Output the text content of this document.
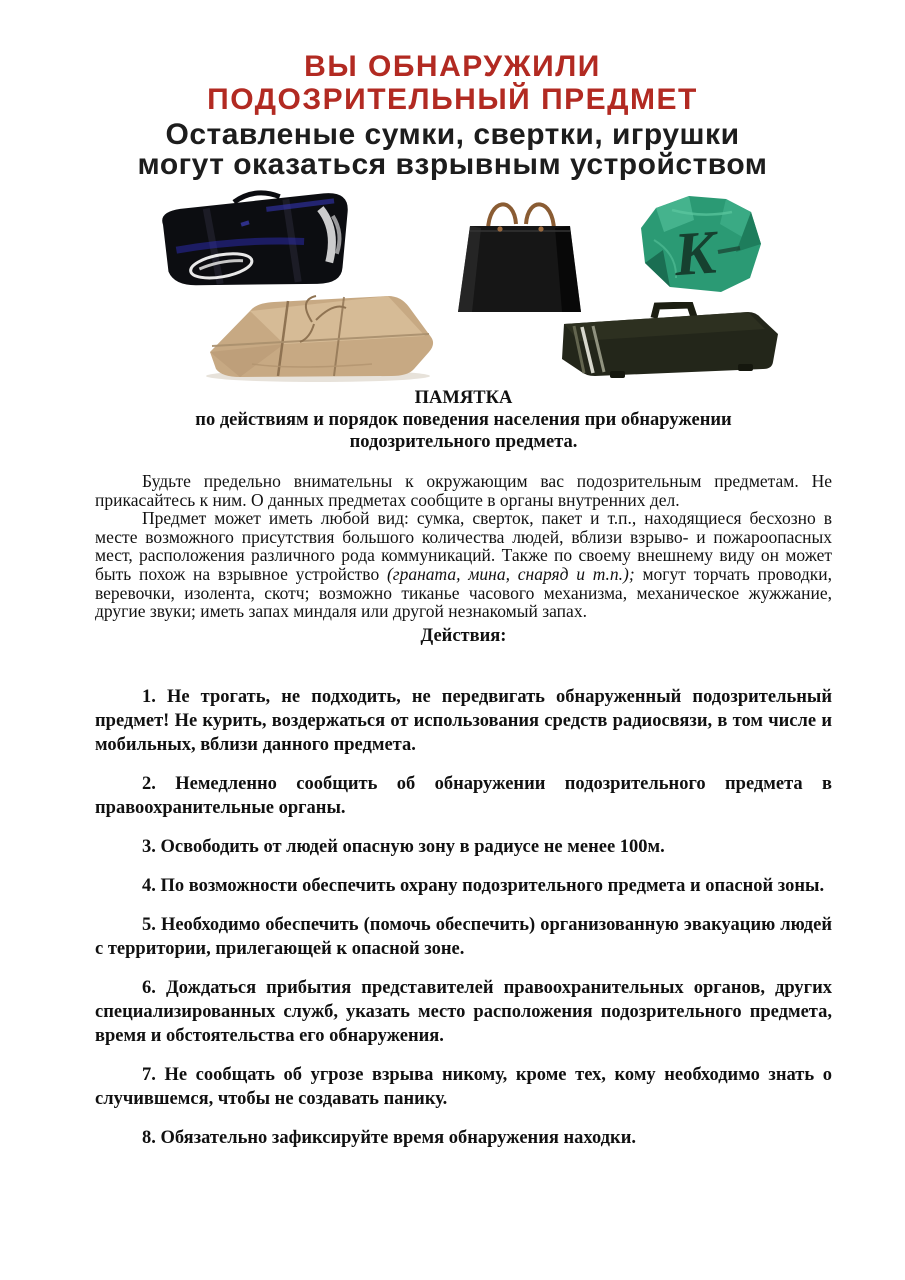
ВЫ ОБНАРУЖИЛИ
ПОДОЗРИТЕЛЬНЫЙ ПРЕДМЕТ
Оставленые сумки, свертки, игрушки
могут оказаться взрывным устройством
K
ПАМЯТКА
по действиям и порядок поведения населения при обнаружении
подозрительного предмета.

Будьте предельно внимательны к окружающим вас подозрительным предметам. Не прикасайтесь к ним. О данных предметах сообщите в органы внутренних дел.

Предмет может иметь любой вид: сумка, сверток, пакет и т.п., находящиеся бесхозно в месте возможного присутствия большого количества людей, вблизи взрыво- и пожароопасных мест, расположения различного рода коммуникаций. Также по своему внешнему виду он может быть похож на взрывное устройство (граната, мина, снаряд и т.п.); могут торчать проводки, веревочки, изолента, скотч; возможно тиканье часового механизма, механическое жужжание, другие звуки; иметь запах миндаля или другой незнакомый запах.

Действия:

1. Не трогать, не подходить, не передвигать обнаруженный подозрительный предмет! Не курить, воздержаться от использования средств радиосвязи, в том числе и мобильных, вблизи данного предмета.

2. Немедленно сообщить об обнаружении подозрительного предмета в правоохранительные органы.

3. Освободить от людей опасную зону в радиусе не менее 100м.

4. По возможности обеспечить охрану подозрительного предмета и опасной зоны.

5. Необходимо обеспечить (помочь обеспечить) организованную эвакуацию людей с территории, прилегающей к опасной зоне.

6. Дождаться прибытия представителей правоохранительных органов, других специализированных служб, указать место расположения подозрительного предмета, время и обстоятельства его обнаружения.

7. Не сообщать об угрозе взрыва никому, кроме тех, кому необходимо знать о случившемся, чтобы не создавать панику.

8. Обязательно зафиксируйте время обнаружения находки.
